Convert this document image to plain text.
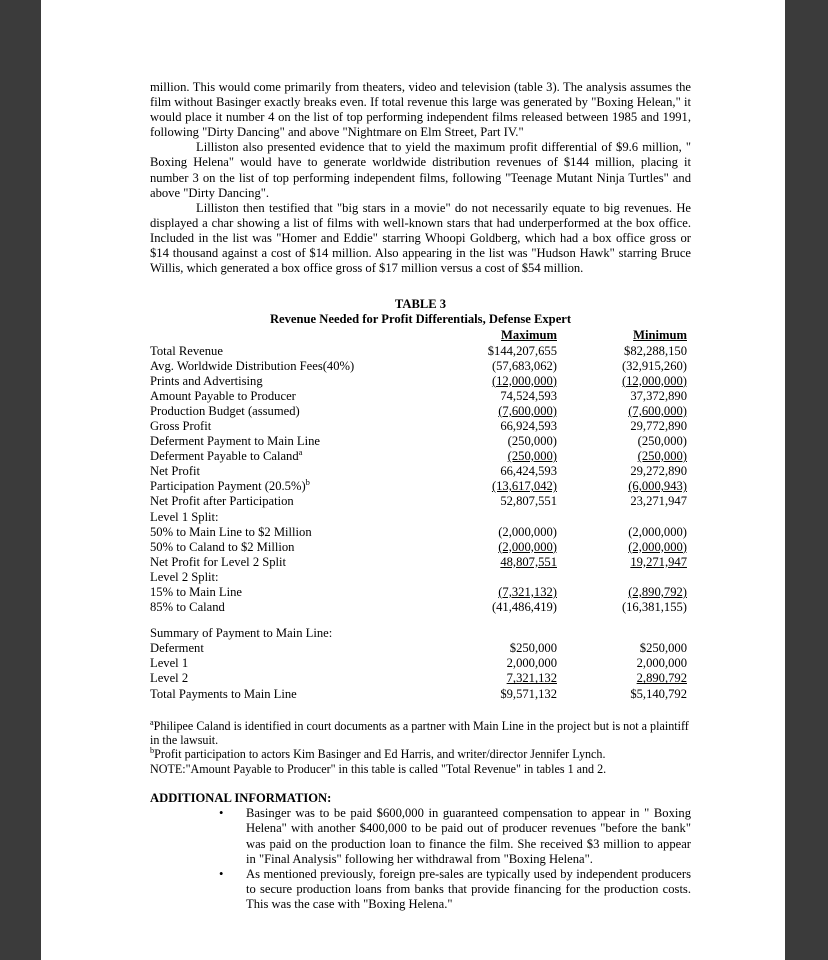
million. This would come primarily from theaters, video and television (table 3). The analysis assumes the film without Basinger exactly breaks even. If total revenue this large was generated by "Boxing Helean," it would place it number 4 on the list of top performing independent films released between 1985 and 1991, following "Dirty Dancing" and above "Nightmare on Elm Street, Part IV."

Lilliston also presented evidence that to yield the maximum profit differential of $9.6 million, " Boxing Helena" would have to generate worldwide distribution revenues of $144 million, placing it number 3 on the list of top performing independent films, following "Teenage Mutant Ninja Turtles" and above "Dirty Dancing".

Lilliston then testified that "big stars in a movie" do not necessarily equate to big revenues. He displayed a char showing a list of films with well-known stars that had underperformed at the box office. Included in the list was "Homer and Eddie" starring Whoopi Goldberg, which had a box office gross or $14 thousand against a cost of $14 million. Also appearing in the list was "Hudson Hawk" starring Bruce Willis, which generated a box office gross of $17 million versus a cost of $54 million.

TABLE 3
Revenue Needed for Profit Differentials, Defense Expert
	Maximum	Minimum
Total Revenue	$144,207,655	$82,288,150
Avg. Worldwide Distribution Fees(40%)	(57,683,062)	(32,915,260)
Prints and Advertising	(12,000,000)	(12,000,000)
Amount Payable to Producer	74,524,593	37,372,890
Production Budget (assumed)	(7,600,000)	(7,600,000)
Gross Profit	66,924,593	29,772,890
Deferment Payment to Main Line	(250,000)	(250,000)
Deferment Payable to Caland$^a$	(250,000)	(250,000)
Net Profit	66,424,593	29,272,890
Participation Payment $(20.5\%)^b$	(13,617,042)	(6,000,943)
Net Profit after Participation	52,807,551	23,271,947
Level 1 Split:		
50% to Main Line to $2 Million	(2,000,000)	(2,000,000)
50% to Caland to $2 Million	(2,000,000)	(2,000,000)
Net Profit for Level 2 Split	48,807,551	19,271,947
Level 2 Split:		
15% to Main Line	(7,321,132)	(2,890,792)
85% to Caland	(41,486,419)	(16,381,155)

Summary of Payment to Main Line:		
Deferment	$250,000	$250,000
Level 1	2,000,000	2,000,000
Level 2	7,321,132	2,890,792
Total Payments to Main Line	$9,571,132	$5,140,792

$^a$Philipee Caland is identified in court documents as a partner with Main Line in the project but is not a plaintiff in the lawsuit.

$^b$Profit participation to actors Kim Basinger and Ed Harris, and writer/director Jennifer Lynch.

NOTE:"Amount Payable to Producer" in this table is called "Total Revenue" in tables 1 and 2.

ADDITIONAL INFORMATION:
• Basinger was to be paid $600,000 in guaranteed compensation to appear in " Boxing Helena" with another $400,000 to be paid out of producer revenues "before the bank" was paid on the production loan to finance the film. She received $3 million to appear in "Final Analysis" following her withdrawal from "Boxing Helena".
• As mentioned previously, foreign pre-sales are typically used by independent producers to secure production loans from banks that provide financing for the production costs. This was the case with "Boxing Helena."
